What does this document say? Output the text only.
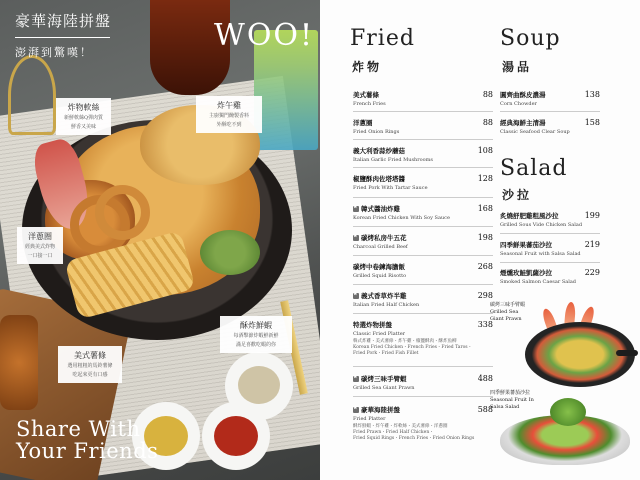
豪華海陸拼盤
澎湃到驚嘆！	WOO!
炸物軟絲
新鮮軟絲Q彈肉質
鮮香又美味
炸午雞
主廚獨門醃製香料
外酥吃不到
洋蔥圈
經典美式炸物
一口接一口
酥炸鮮蝦
每酒擊節炸蝦鮮新鮮
滿足喜歡吃蝦的你
美式薯條
選用粗粗的馬鈴薯條
吃起來更有口感
Share With
Your Friends
Fried
炸物
美式薯條
French Fries
88
洋蔥圈
Fried Onion Rings
88
義大利香蒜炒蘑菇
Italian Garlic Fried Mushrooms
108
椒鹽酥肉佐塔塔醬
Fried Pork With Tartar Sauce
128
★韓式醬油炸雞
Korean Fried Chicken With Soy Sauce
168
★碳烤私房牛五花
Charcoal Grilled Beef
198
碳烤中卷鍊海膽飯
Grilled Squid Risotto
268
★義式香草炸半雞
Italian Fried Half Chicken
298
特選炸物拼盤
Classic Fried Platter
韓式炸雞・美式薯條・炸午雞・椒鹽酥肉・酥炸魚柳
Korean Fried Chicken・French Fries・Fried Taros・
Fried Pork・Fried Fish Fillet
338
★碳烤三味手臂蝦
Grilled Sea Giant Prawn
488
★豪華海陸拼盤
Fried Platter
酥炸鮮蝦・炸午雞・炸軟絲・美式薯條・洋蔥圈
Fried Prawn・Fried Half Chicken・
Fried Squid Rings・French Fries・Fried Onion Rings
588
Soup
湯品
圓齊曲酥皮濃湯
Corn Chowder
138
經典海鮮主清湯
Classic Seafood Clear Soup
158
Salad
沙拉
炙燒舒肥雞粗風沙拉
Grilled Sous Vide Chicken Salad
199
四季鮮果蕃茄沙拉
Seasonal Fruit with Salsa Salad
219
煙燻玫鮭凱薩沙拉
Smoked Salmon Caesar Salad
229
碳烤三味手臂蝦
Grilled Sea
Giant Prawn
四季鮮果蕃茄沙拉
Seasonal Fruit In
Salsa Salad
